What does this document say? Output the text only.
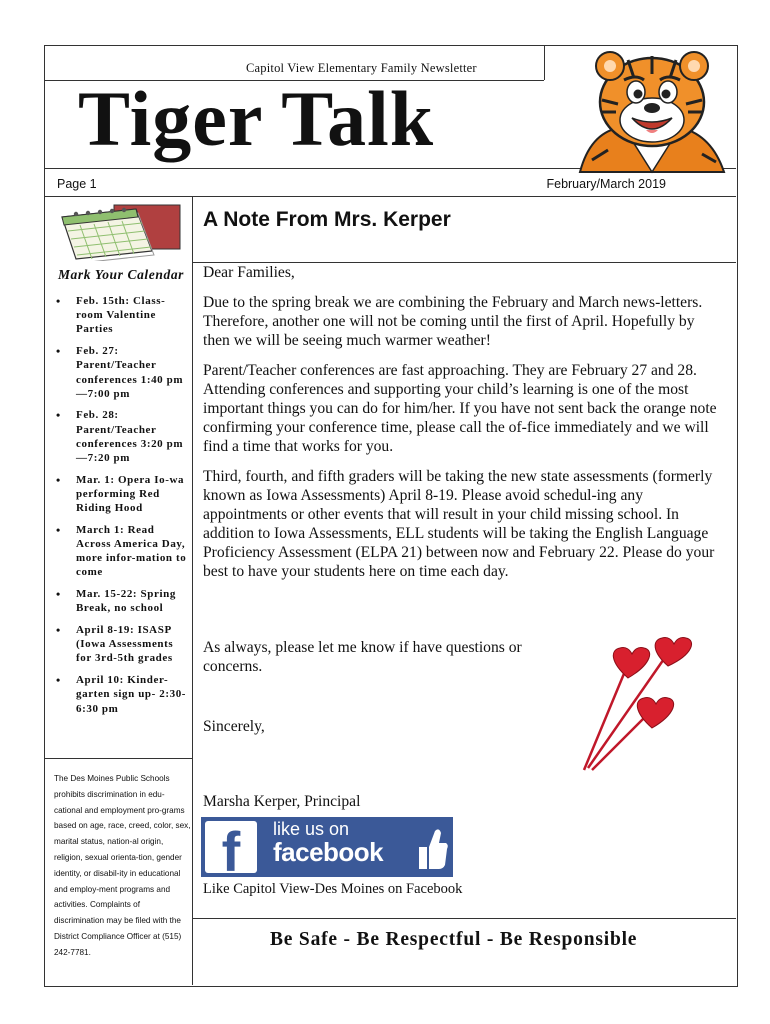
Capitol View Elementary Family Newsletter
Tiger Talk
Page 1	February/March 2019
A Note From Mrs. Kerper
Mark Your Calendar
• Feb. 15th: Class-room Valentine Parties
• Feb. 27: Parent/Teacher conferences 1:40 pm—7:00 pm
• Feb. 28: Parent/Teacher conferences 3:20 pm—7:20 pm
• Mar. 1: Opera Io-wa performing Red Riding Hood
• March 1: Read Across America Day, more infor-mation to come
• Mar. 15-22: Spring Break, no school
• April 8-19: ISASP (Iowa Assessments for 3rd-5th grades
• April 10: Kinder-garten sign up- 2:30-6:30 pm
The Des Moines Public Schools prohibits discrimination in edu-cational and employment pro-grams based on age, race, creed, color, sex, marital status, nation-al origin, religion, sexual orienta-tion, gender identity, or disabil-ity in educational and employ-ment programs and activities. Complaints of discrimination may be filed with the District Compliance Officer at (515) 242-7781.
Dear Families,

Due to the spring break we are combining the February and March news-letters. Therefore, another one will not be coming until the first of April. Hopefully by then we will be seeing much warmer weather!

Parent/Teacher conferences are fast approaching. They are February 27 and 28. Attending conferences and supporting your child’s learning is one of the most important things you can do for him/her. If you have not sent back the orange note confirming your conference time, please call the of-fice immediately and we will find a time that works for you.

Third, fourth, and fifth graders will be taking the new state assessments (formerly known as Iowa Assessments) April 8-19. Please avoid schedul-ing any appointments or other events that will result in your child missing school. In addition to Iowa Assessments, ELL students will be taking the English Language Proficiency Assessment (ELPA 21) between now and February 22. Please do your best to have your students here on time each day.

As always, please let me know if have questions or concerns.
Sincerely,
Marsha Kerper, Principal
f	like us on
facebook
Like Capitol View-Des Moines on Facebook
Be Safe - Be Respectful - Be Responsible
